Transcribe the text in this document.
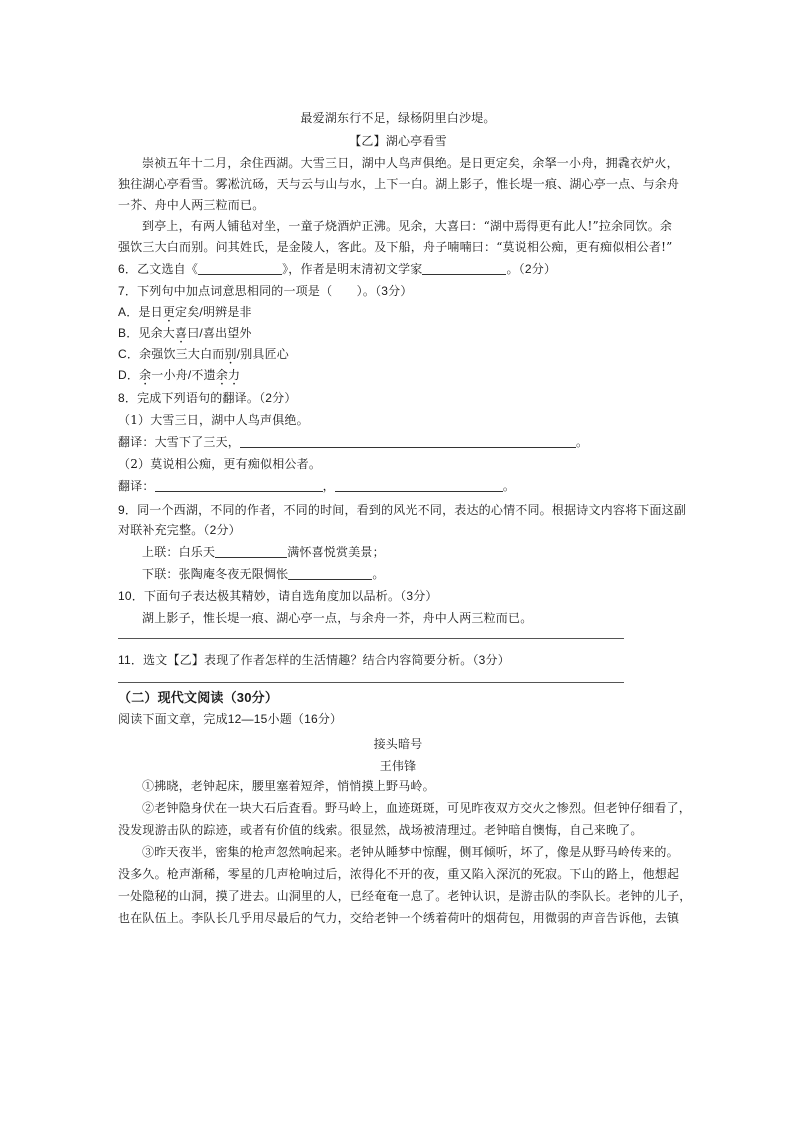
最爱湖东行不足，绿杨阴里白沙堤。
【乙】湖心亭看雪
崇祯五年十二月，余住西湖。大雪三日，湖中人鸟声俱绝。是日更定矣，余拏一小舟，拥毳衣炉火，
独往湖心亭看雪。雾凇沆砀，天与云与山与水，上下一白。湖上影子，惟长堤一痕、湖心亭一点、与余舟
一芥、舟中人两三粒而已。
到亭上，有两人铺毡对坐，一童子烧酒炉正沸。见余，大喜曰：“湖中焉得更有此人!”拉余同饮。余
强饮三大白而别。问其姓氏，是金陵人，客此。及下船，舟子喃喃曰：“莫说相公痴，更有痴似相公者!”
6．乙文选自《	》，作者是明末清初文学家	。（2分）
7．下列句中加点词意思相同的一项是（　　）。（3分）
A．是日更定矣/明辨是非
B．见余大喜曰/喜出望外
C．余强饮三大白而别/别具匠心
D．余一小舟/不遗余力
8．完成下列语句的翻译。（2分）
（1）大雪三日，湖中人鸟声俱绝。
翻译：大雪下了三天，	。
（2）莫说相公痴，更有痴似相公者。
翻译：	，	。
9．同一个西湖，不同的作者，不同的时间，看到的风光不同，表达的心情不同。根据诗文内容将下面这副
对联补充完整。（2分）
上联：白乐天	满怀喜悦赏美景；
下联：张陶庵冬夜无限惆怅	。
10．下面句子表达极其精妙，请自选角度加以品析。（3分）
湖上影子，惟长堤一痕、湖心亭一点，与余舟一芥，舟中人两三粒而已。
11．选文【乙】表现了作者怎样的生活情趣？结合内容简要分析。（3分）
（二）现代文阅读（30分）
阅读下面文章，完成12—15小题（16分）
接头暗号
王伟锋
①拂晓，老钟起床，腰里塞着短斧，悄悄摸上野马岭。
②老钟隐身伏在一块大石后査看。野马岭上，血迹斑斑，可见昨夜双方交火之惨烈。但老钟仔细看了，
没发现游击队的踪迹，或者有价值的线索。很显然，战场被清理过。老钟暗自懊悔，自己来晚了。
③昨天夜半，密集的枪声忽然响起来。老钟从睡梦中惊醒，侧耳倾听，坏了，像是从野马岭传来的。
没多久。枪声渐稀，零星的几声枪响过后，浓得化不开的夜，重又陷入深沉的死寂。下山的路上，他想起
一处隐秘的山洞，摸了进去。山洞里的人，已经奄奄一息了。老钟认识，是游击队的李队长。老钟的儿子，
也在队伍上。李队长几乎用尽最后的气力，交给老钟一个绣着荷叶的烟荷包，用微弱的声音告诉他，去镇
